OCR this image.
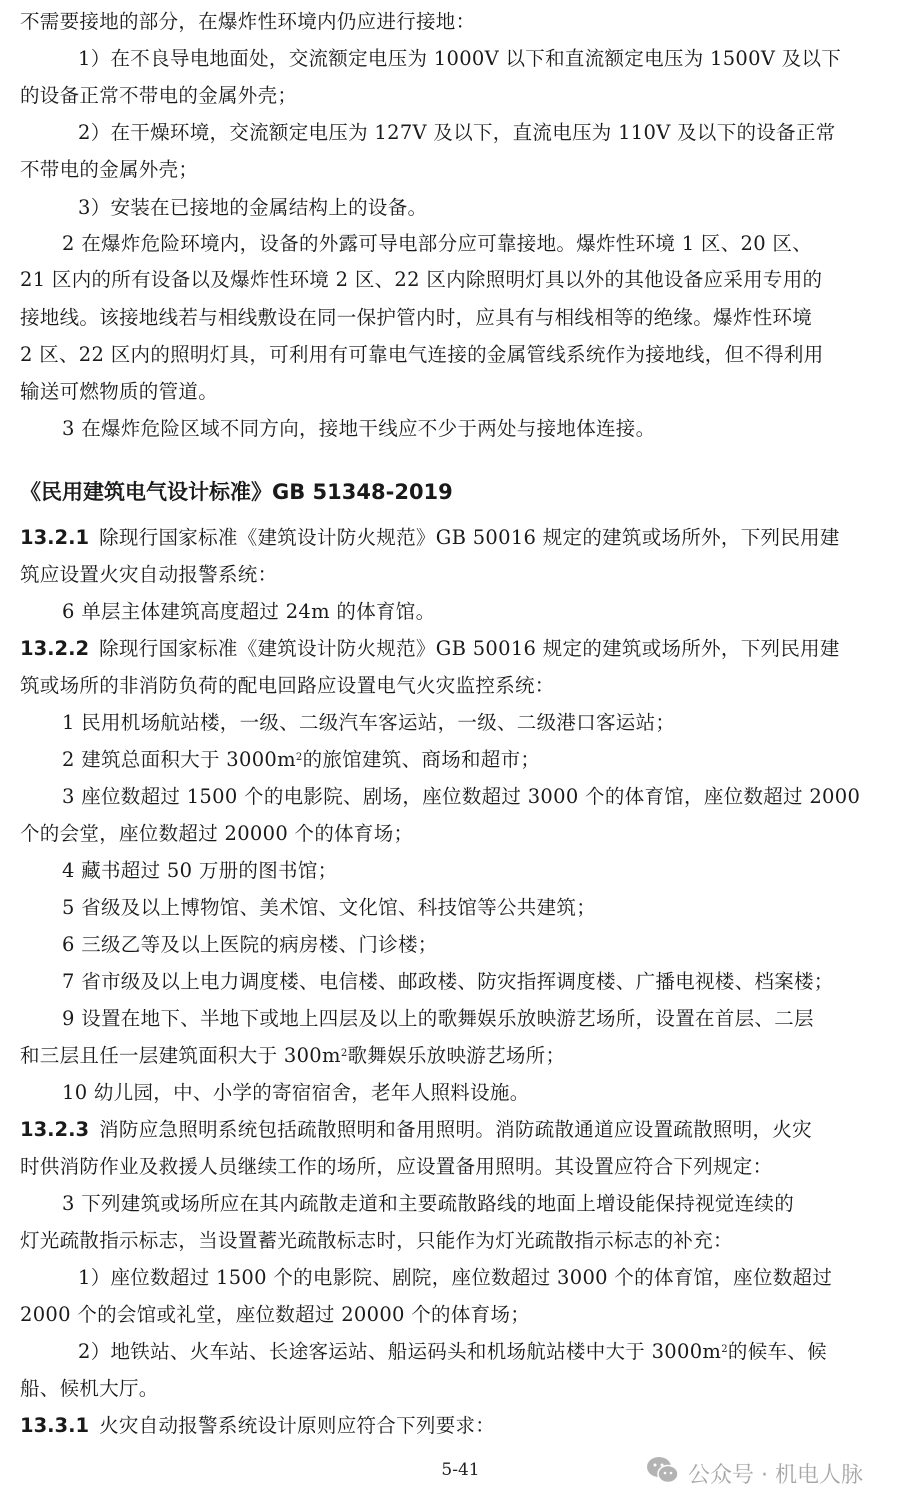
不需要接地的部分，在爆炸性环境内仍应进行接地：
1）在不良导电地面处，交流额定电压为 1000V 以下和直流额定电压为 1500V 及以下
的设备正常不带电的金属外壳；
2）在干燥环境，交流额定电压为 127V 及以下，直流电压为 110V 及以下的设备正常
不带电的金属外壳；
3）安装在已接地的金属结构上的设备。
2 在爆炸危险环境内，设备的外露可导电部分应可靠接地。爆炸性环境 1 区、20 区、
21 区内的所有设备以及爆炸性环境 2 区、22 区内除照明灯具以外的其他设备应采用专用的
接地线。该接地线若与相线敷设在同一保护管内时，应具有与相线相等的绝缘。爆炸性环境
2 区、22 区内的照明灯具，可利用有可靠电气连接的金属管线系统作为接地线，但不得利用
输送可燃物质的管道。
3 在爆炸危险区域不同方向，接地干线应不少于两处与接地体连接。
《民用建筑电气设计标准》GB 51348-2019
13.2.1 除现行国家标准《建筑设计防火规范》GB 50016 规定的建筑或场所外，下列民用建
筑应设置火灾自动报警系统：
6 单层主体建筑高度超过 24m 的体育馆。
13.2.2 除现行国家标准《建筑设计防火规范》GB 50016 规定的建筑或场所外，下列民用建
筑或场所的非消防负荷的配电回路应设置电气火灾监控系统：
1 民用机场航站楼，一级、二级汽车客运站，一级、二级港口客运站；
2 建筑总面积大于 $3000m^2$的旅馆建筑、商场和超市；
3 座位数超过 1500 个的电影院、剧场，座位数超过 3000 个的体育馆，座位数超过 2000
个的会堂，座位数超过 20000 个的体育场；
4 藏书超过 50 万册的图书馆；
5 省级及以上博物馆、美术馆、文化馆、科技馆等公共建筑；
6 三级乙等及以上医院的病房楼、门诊楼；
7 省市级及以上电力调度楼、电信楼、邮政楼、防灾指挥调度楼、广播电视楼、档案楼；
9 设置在地下、半地下或地上四层及以上的歌舞娱乐放映游艺场所，设置在首层、二层
和三层且任一层建筑面积大于 $300m^2$歌舞娱乐放映游艺场所；
10 幼儿园，中、小学的寄宿宿舍，老年人照料设施。
13.2.3 消防应急照明系统包括疏散照明和备用照明。消防疏散通道应设置疏散照明，火灾
时供消防作业及救援人员继续工作的场所，应设置备用照明。其设置应符合下列规定：
3 下列建筑或场所应在其内疏散走道和主要疏散路线的地面上增设能保持视觉连续的
灯光疏散指示标志，当设置蓄光疏散标志时，只能作为灯光疏散指示标志的补充：
1）座位数超过 1500 个的电影院、剧院，座位数超过 3000 个的体育馆，座位数超过
2000 个的会馆或礼堂，座位数超过 20000 个的体育场；
2）地铁站、火车站、长途客运站、船运码头和机场航站楼中大于 $3000m^2$的候车、候
船、候机大厅。
13.3.1 火灾自动报警系统设计原则应符合下列要求：
5-41	公众号 · 机电人脉
